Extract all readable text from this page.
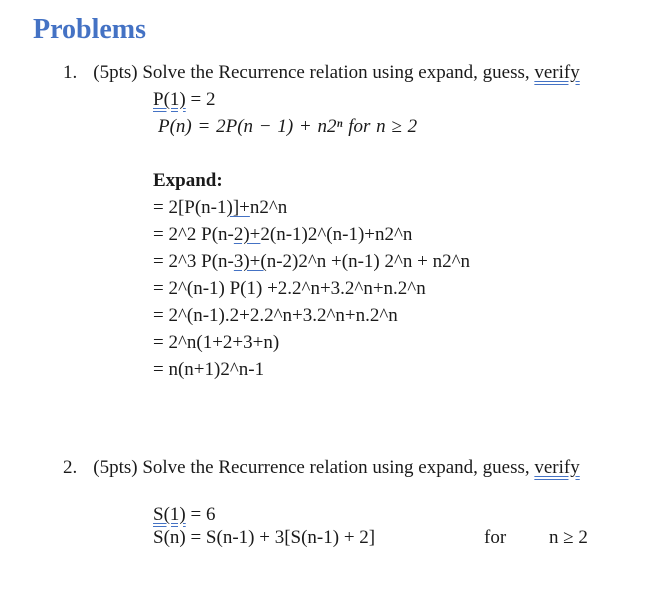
Problems
1. (5pts) Solve the Recurrence relation using expand, guess, verify
P(1) = 2
P(n) = 2P(n − 1) + n2ⁿ for n ≥ 2
Expand:
= 2[P(n-1)]+n2^n
= 2^2 P(n-2)+2(n-1)2^(n-1)+n2^n
= 2^3 P(n-3)+(n-2)2^n +(n-1) 2^n + n2^n
= 2^(n-1) P(1) +2.2^n+3.2^n+n.2^n
= 2^(n-1).2+2.2^n+3.2^n+n.2^n
= 2^n(1+2+3+n)
= n(n+1)2^n-1
2. (5pts) Solve the Recurrence relation using expand, guess, verify
S(1) = 6
S(n) = S(n-1) + 3[S(n-1) + 2]	for n ≥ 2
